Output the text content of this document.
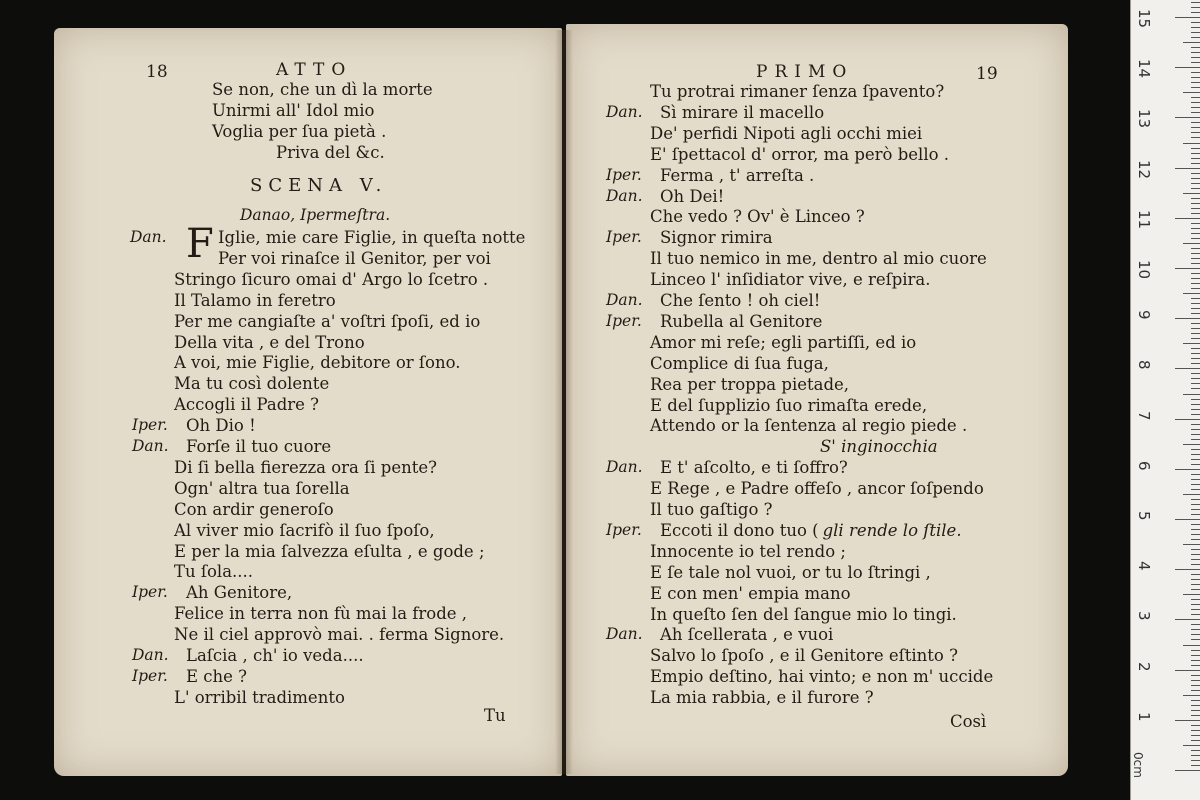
18	ATTO
Se non, che un dì la morte
Unirmi all' Idol mio
Voglia per ſua pietà .
Priva del &c.
SCENA V.
Danao, Ipermeſtra.
F
Dan.	Iglie, mie care Figlie, in queſta notte
Per voi rinaſce il Genitor, per voi
Stringo ſicuro omai d' Argo lo ſcetro .
Il Talamo in feretro
Per me cangiaſte a' voſtri ſpoſi, ed io
Della vita , e del Trono
A voi, mie Figlie, debitore or ſono.
Ma tu così dolente
Accogli il Padre ?
Iper. Oh Dio !
Dan. Forſe il tuo cuore
Di ſi bella fierezza ora ſi pente?
Ogn' altra tua ſorella
Con ardir generoſo
Al viver mio ſacrifò il ſuo ſpoſo,
E per la mia ſalvezza eſulta , e gode ;
Tu ſola....
Iper. Ah Genitore,
Felice in terra non fù mai la frode ,
Ne il ciel approvò mai. . ferma Signore.
Dan. Laſcia , ch' io veda....
Iper. E che ?
L' orribil tradimento
Tu
PRIMO	19
Tu protrai rimaner ſenza ſpavento?
Dan. Sì mirare il macello
De' perfidi Nipoti agli occhi miei
E' ſpettacol d' orror, ma però bello .
Iper. Ferma , t' arreſta .
Dan. Oh Dei!
Che vedo ? Ov' è Linceo ?
Iper. Signor rimira
Il tuo nemico in me, dentro al mio cuore
Linceo l' inſidiator vive, e reſpira.
Dan. Che ſento ! oh ciel!
Iper. Rubella al Genitore
Amor mi reſe; egli partiſſi, ed io
Complice di ſua fuga,
Rea per troppa pietade,
E del ſupplizio ſuo rimaſta erede,
Attendo or la ſentenza al regio piede .
S' inginocchia
Dan. E t' aſcolto, e ti ſoffro?
E Rege , e Padre offeſo , ancor ſoſpendo
Il tuo gaſtigo ?
Iper. Eccoti il dono tuo ( gli rende lo ſtile.
Innocente io tel rendo ;
E ſe tale nol vuoi, or tu lo ſtringi ,
E con men' empia mano
In queſto ſen del ſangue mio lo tingi.
Dan. Ah ſcellerata , e vuoi
Salvo lo ſpoſo , e il Genitore eſtinto ?
Empio deſtino, hai vinto; e non m' uccide
La mia rabbia, e il furore ?
Così
0cm
1
2
3
4
5
6
7
8
9
10
11
12
13
14
15
